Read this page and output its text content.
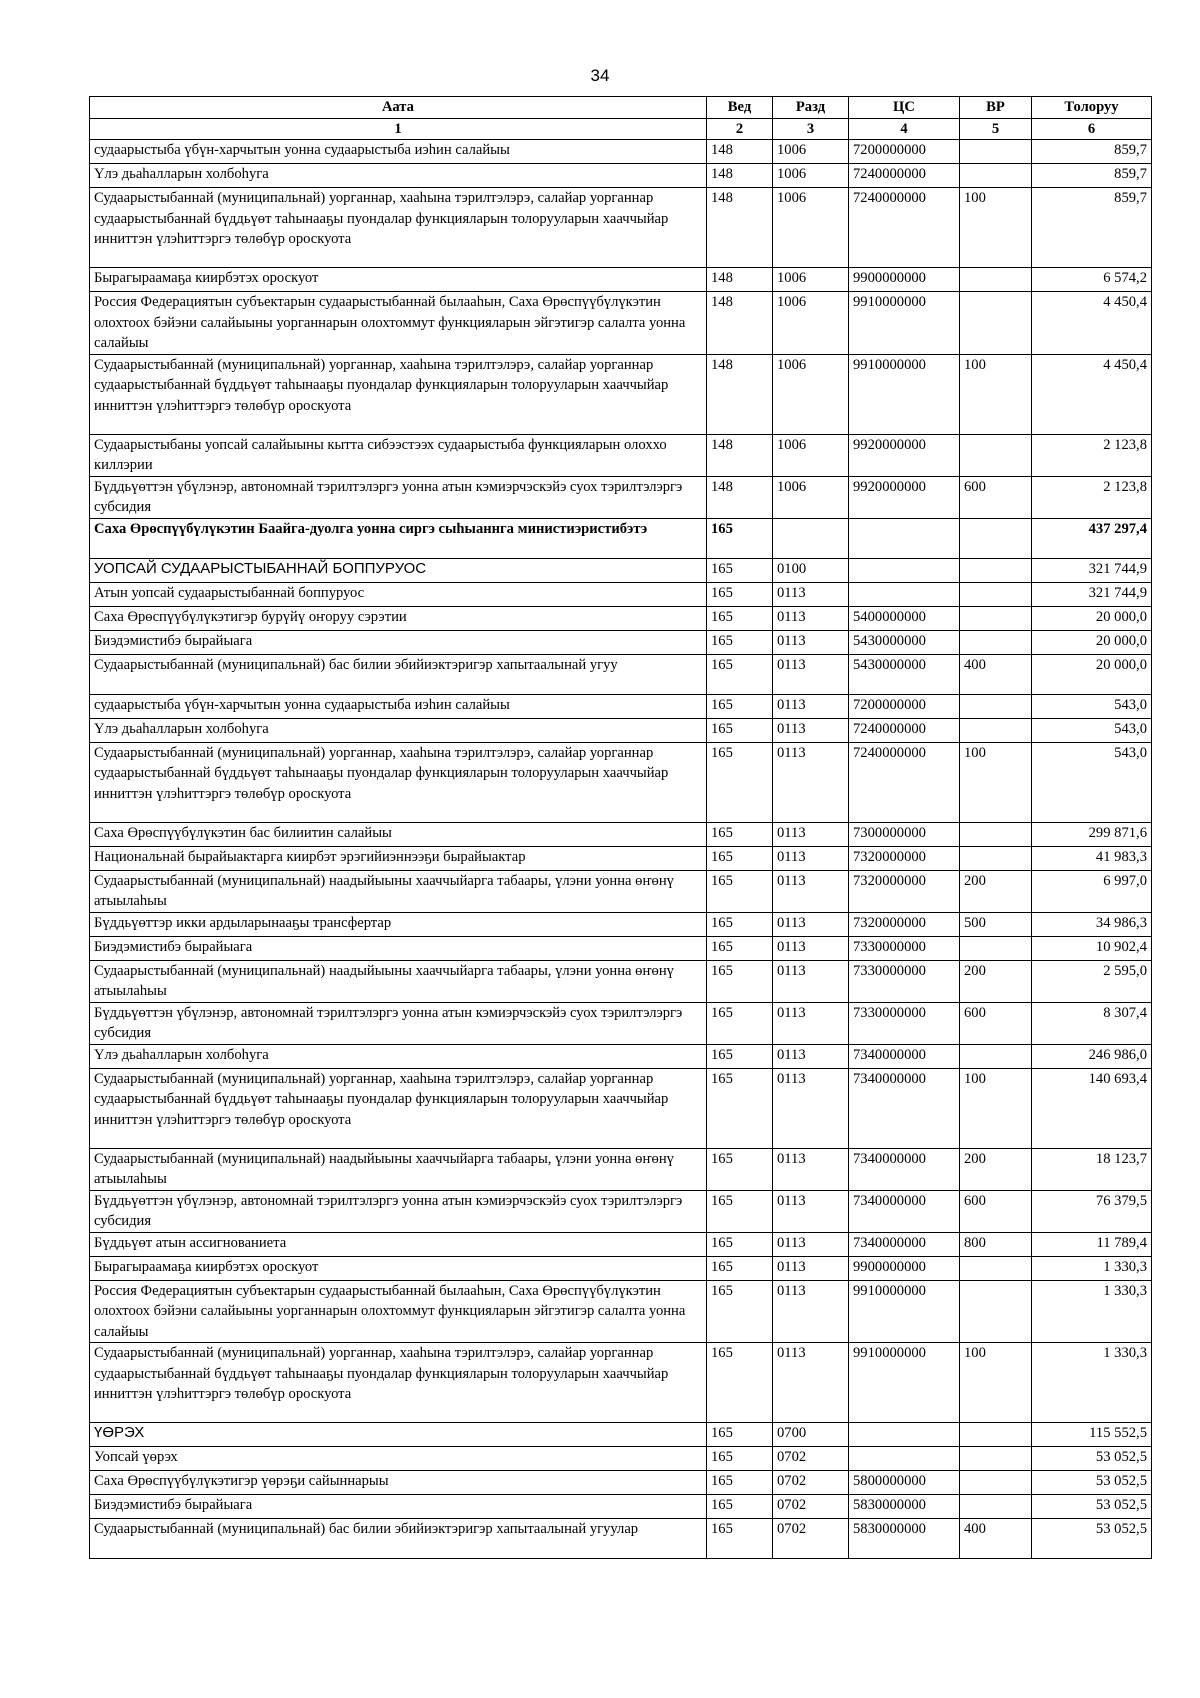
34
Аата	Вед	Разд	ЦС	ВР	Толоруу
1	2	3	4	5	6
судаарыстыба үбүн-харчытын уонна судаарыстыба иэһин салайыы	148	1006	7200000000		859,7
Үлэ дьаһалларын холбоһуга	148	1006	7240000000		859,7
Судаарыстыбаннай (муниципальнай) уорганнар, хааһына тэрилтэлэрэ, салайар уорганнар судаарыстыбаннай бүддьүөт таһынааҕы пуондалар функцияларын толорууларын хааччыйар инниттэн үлэһиттэргэ төлөбүр ороскуота	148	1006	7240000000	100	859,7
Бырагыраамаҕа киирбэтэх ороскуот	148	1006	9900000000		6 574,2
Россия Федерациятын субъектарын судаарыстыбаннай былааһын, Саха Өрөспүүбүлүкэтин олохтоох бэйэни салайыыны уорганнарын олохтоммут функцияларын эйгэтигэр салалта уонна салайыы	148	1006	9910000000		4 450,4
Судаарыстыбаннай (муниципальнай) уорганнар, хааһына тэрилтэлэрэ, салайар уорганнар судаарыстыбаннай бүддьүөт таһынааҕы пуондалар функцияларын толорууларын хааччыйар инниттэн үлэһиттэргэ төлөбүр ороскуота	148	1006	9910000000	100	4 450,4
Судаарыстыбаны уопсай салайыыны кытта сибээстээх судаарыстыба функцияларын олоххо киллэрии	148	1006	9920000000		2 123,8
Бүддьүөттэн үбүлэнэр, автономнай тэрилтэлэргэ уонна атын кэмиэрчэскэйэ суох тэрилтэлэргэ субсидия	148	1006	9920000000	600	2 123,8
Саха Өрөспүүбүлүкэтин Баайга-дуолга уонна сиргэ сыһыаннга министиэристибэтэ	165				437 297,4
УОПСАЙ СУДААРЫСТЫБАННАЙ БОППУРУОС	165	0100			321 744,9
Атын уопсай судаарыстыбаннай боппуруос	165	0113			321 744,9
Саха Өрөспүүбүлүкэтигэр бурүйү оҥоруу сэрэтии	165	0113	5400000000		20 000,0
Биэдэмистибэ бырайыага	165	0113	5430000000		20 000,0
Судаарыстыбаннай (муниципальнай) бас билии эбийиэктэригэр хапытаалынай угуу	165	0113	5430000000	400	20 000,0
судаарыстыба үбүн-харчытын уонна судаарыстыба иэһин салайыы	165	0113	7200000000		543,0
Үлэ дьаһалларын холбоһуга	165	0113	7240000000		543,0
Судаарыстыбаннай (муниципальнай) уорганнар, хааһына тэрилтэлэрэ, салайар уорганнар судаарыстыбаннай бүддьүөт таһынааҕы пуондалар функцияларын толорууларын хааччыйар инниттэн үлэһиттэргэ төлөбүр ороскуота	165	0113	7240000000	100	543,0
Саха Өрөспүүбүлүкэтин бас билиитин салайыы	165	0113	7300000000		299 871,6
Национальнай бырайыактарга киирбэт эрэгийиэннээҕи бырайыактар	165	0113	7320000000		41 983,3
Судаарыстыбаннай (муниципальнай) наадыйыыны хааччыйарга табаары, үлэни уонна өҥөнү атыылаһыы	165	0113	7320000000	200	6 997,0
Бүддьүөттэр икки ардыларынааҕы трансфертар	165	0113	7320000000	500	34 986,3
Биэдэмистибэ бырайыага	165	0113	7330000000		10 902,4
Судаарыстыбаннай (муниципальнай) наадыйыыны хааччыйарга табаары, үлэни уонна өҥөнү атыылаһыы	165	0113	7330000000	200	2 595,0
Бүддьүөттэн үбүлэнэр, автономнай тэрилтэлэргэ уонна атын кэмиэрчэскэйэ суох тэрилтэлэргэ субсидия	165	0113	7330000000	600	8 307,4
Үлэ дьаһалларын холбоһуга	165	0113	7340000000		246 986,0
Судаарыстыбаннай (муниципальнай) уорганнар, хааһына тэрилтэлэрэ, салайар уорганнар судаарыстыбаннай бүддьүөт таһынааҕы пуондалар функцияларын толорууларын хааччыйар инниттэн үлэһиттэргэ төлөбүр ороскуота	165	0113	7340000000	100	140 693,4
Судаарыстыбаннай (муниципальнай) наадыйыыны хааччыйарга табаары, үлэни уонна өҥөнү атыылаһыы	165	0113	7340000000	200	18 123,7
Бүддьүөттэн үбүлэнэр, автономнай тэрилтэлэргэ уонна атын кэмиэрчэскэйэ суох тэрилтэлэргэ субсидия	165	0113	7340000000	600	76 379,5
Бүддьүөт атын ассигнованиета	165	0113	7340000000	800	11 789,4
Бырагыраамаҕа киирбэтэх ороскуот	165	0113	9900000000		1 330,3
Россия Федерациятын субъектарын судаарыстыбаннай былааһын, Саха Өрөспүүбүлүкэтин олохтоох бэйэни салайыыны уорганнарын олохтоммут функцияларын эйгэтигэр салалта уонна салайыы	165	0113	9910000000		1 330,3
Судаарыстыбаннай (муниципальнай) уорганнар, хааһына тэрилтэлэрэ, салайар уорганнар судаарыстыбаннай бүддьүөт таһынааҕы пуондалар функцияларын толорууларын хааччыйар инниттэн үлэһиттэргэ төлөбүр ороскуота	165	0113	9910000000	100	1 330,3
ҮӨРЭХ	165	0700			115 552,5
Уопсай үөрэх	165	0702			53 052,5
Саха Өрөспүүбүлүкэтигэр үөрэҕи сайыннарыы	165	0702	5800000000		53 052,5
Биэдэмистибэ бырайыага	165	0702	5830000000		53 052,5
Судаарыстыбаннай (муниципальнай) бас билии эбийиэктэригэр хапытаалынай угуулар	165	0702	5830000000	400	53 052,5
